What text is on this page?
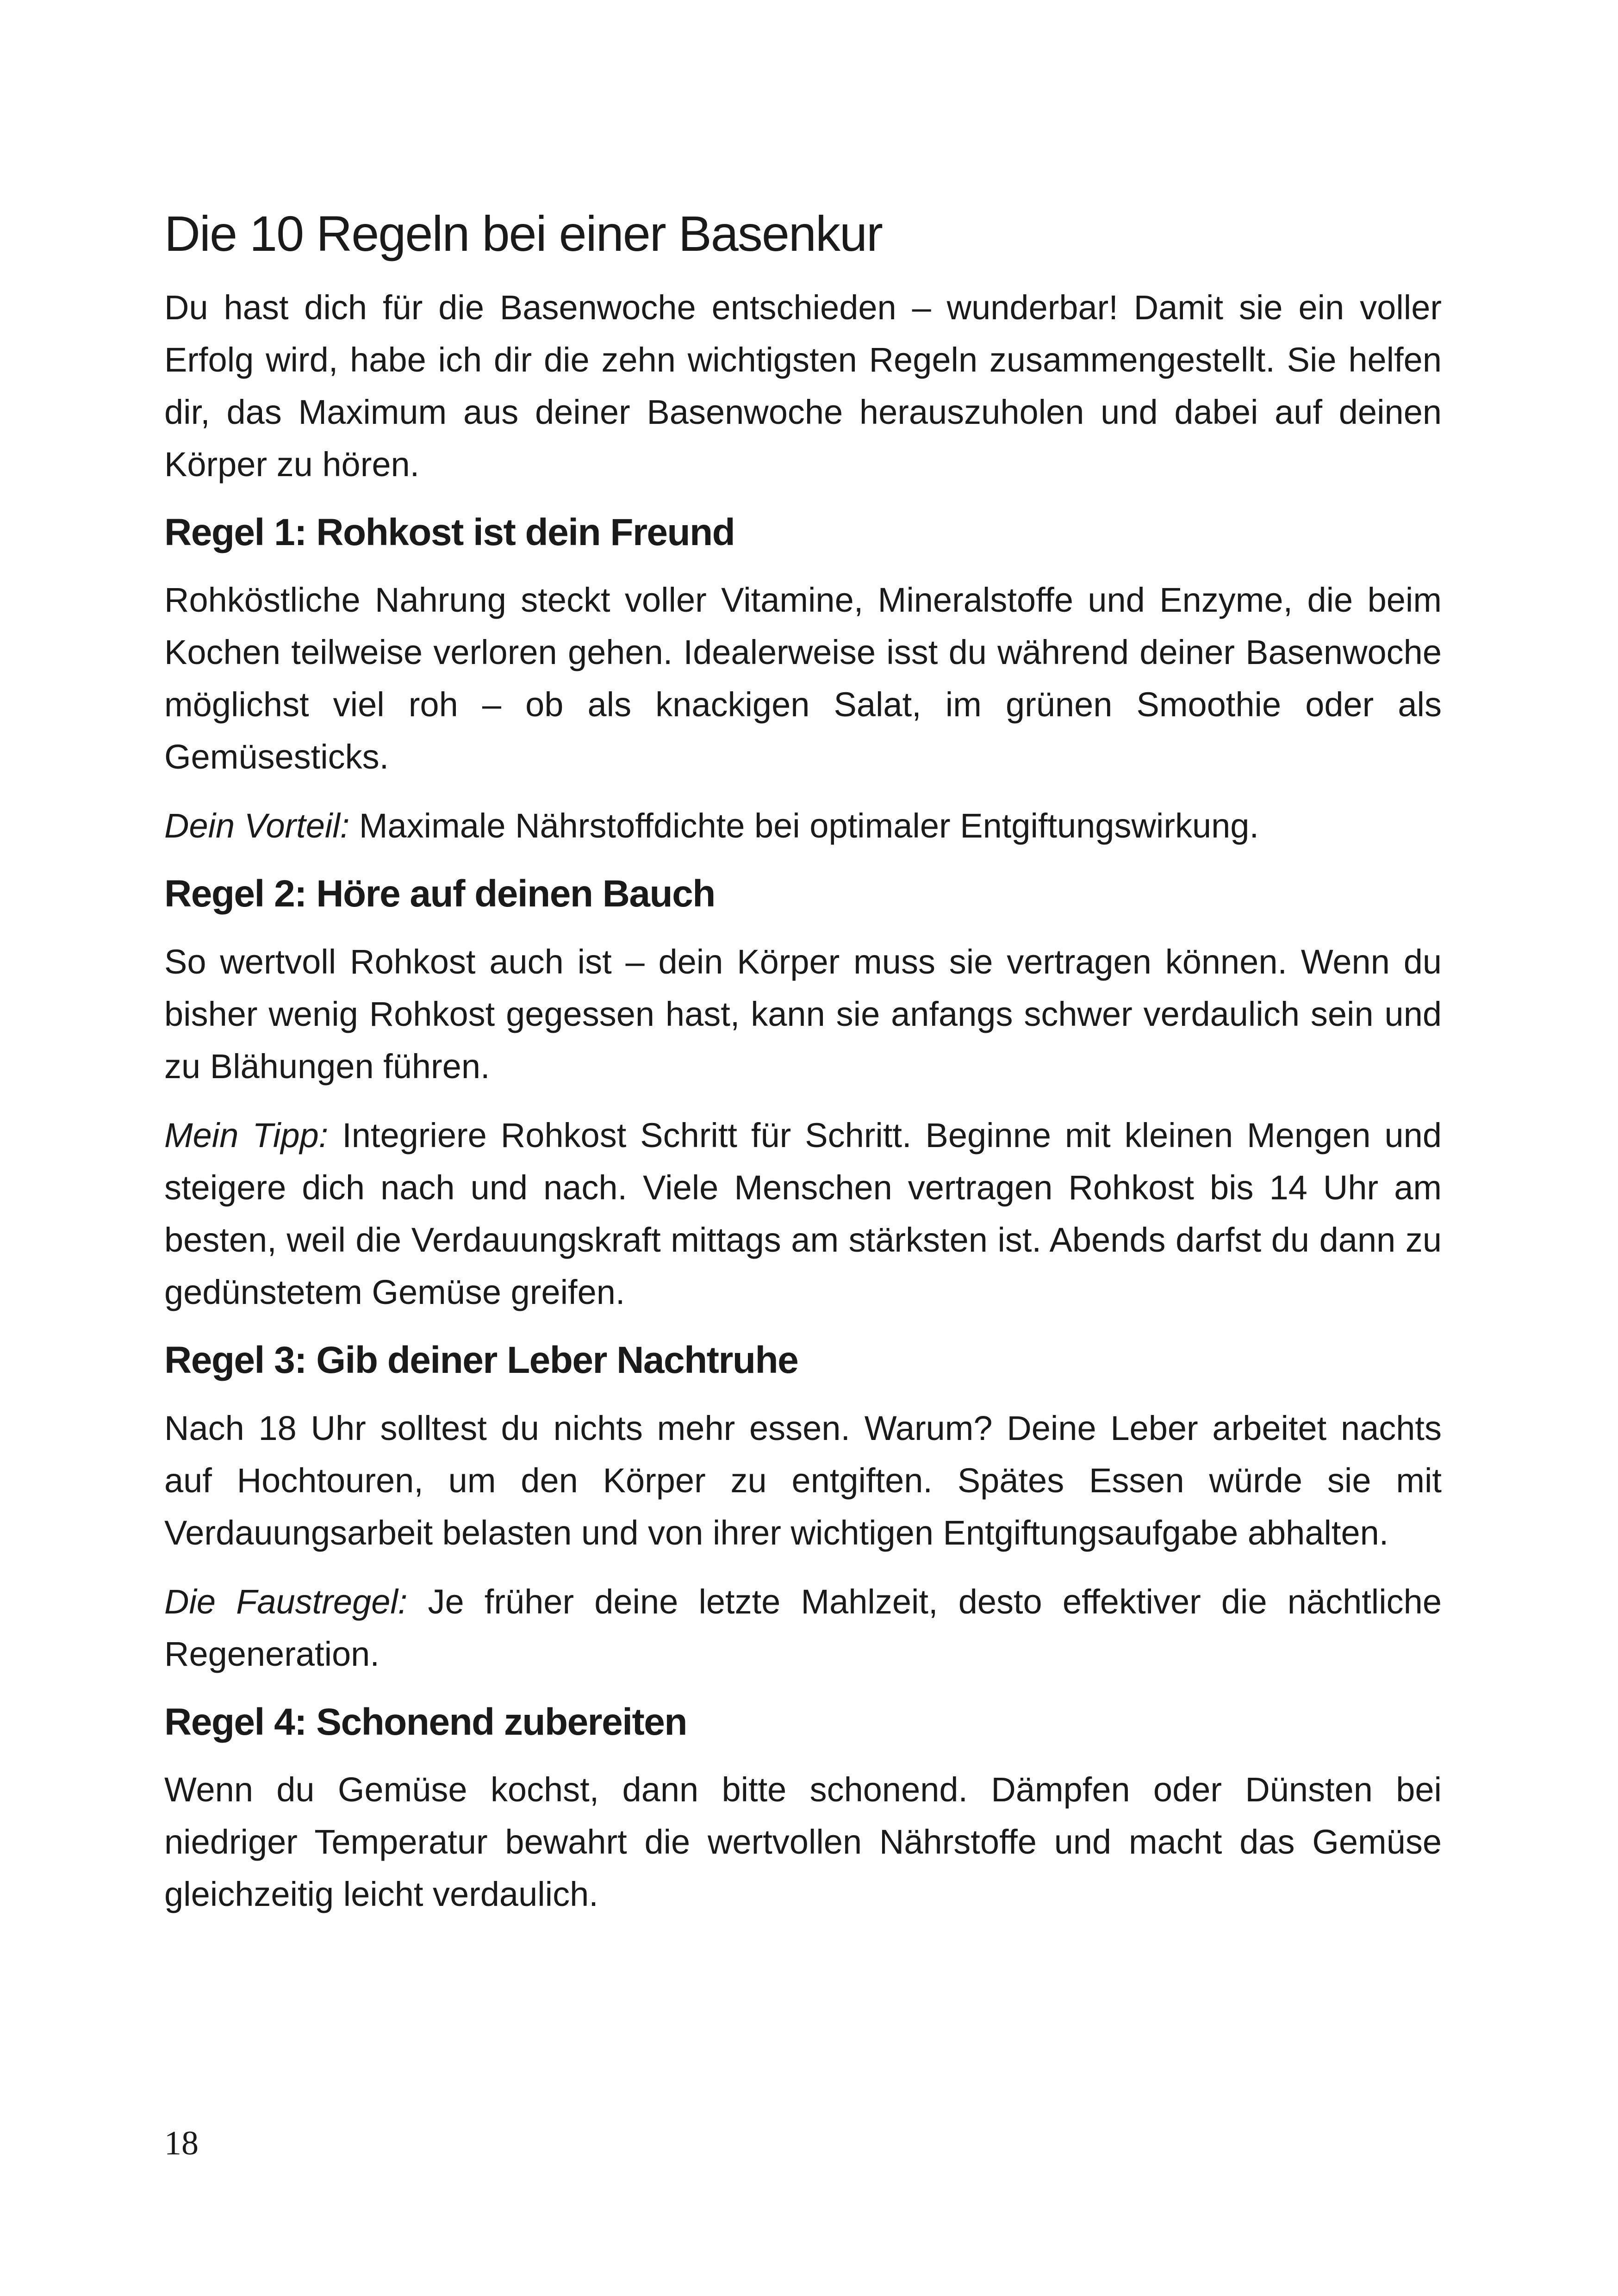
Die 10 Regeln bei einer Basenkur

Du hast dich für die Basenwoche entschieden – wunderbar! Damit sie ein voller Erfolg wird, habe ich dir die zehn wichtigsten Regeln zusammengestellt. Sie helfen dir, das Maximum aus deiner Basenwoche herauszuholen und dabei auf deinen Körper zu hören.

Regel 1: Rohkost ist dein Freund

Rohköstliche Nahrung steckt voller Vitamine, Mineralstoffe und Enzyme, die beim Kochen teilweise verloren gehen. Idealerweise isst du während deiner Basenwoche möglichst viel roh – ob als knackigen Salat, im grünen Smoothie oder als Gemüsesticks.

Dein Vorteil: Maximale Nährstoffdichte bei optimaler Entgiftungswirkung.

Regel 2: Höre auf deinen Bauch

So wertvoll Rohkost auch ist – dein Körper muss sie vertragen können. Wenn du bisher wenig Rohkost gegessen hast, kann sie anfangs schwer verdaulich sein und zu Blähungen führen.

Mein Tipp: Integriere Rohkost Schritt für Schritt. Beginne mit kleinen Mengen und steigere dich nach und nach. Viele Menschen vertragen Rohkost bis 14 Uhr am besten, weil die Verdauungskraft mittags am stärksten ist. Abends darfst du dann zu gedünstetem Gemüse greifen.

Regel 3: Gib deiner Leber Nachtruhe

Nach 18 Uhr solltest du nichts mehr essen. Warum? Deine Leber arbeitet nachts auf Hochtouren, um den Körper zu entgiften. Spätes Essen würde sie mit Verdauungsarbeit belasten und von ihrer wichtigen Entgiftungsaufgabe abhalten.

Die Faustregel: Je früher deine letzte Mahlzeit, desto effektiver die nächtliche Regeneration.

Regel 4: Schonend zubereiten

Wenn du Gemüse kochst, dann bitte schonend. Dämpfen oder Dünsten bei niedriger Temperatur bewahrt die wertvollen Nährstoffe und macht das Gemüse gleichzeitig leicht verdaulich.

18
